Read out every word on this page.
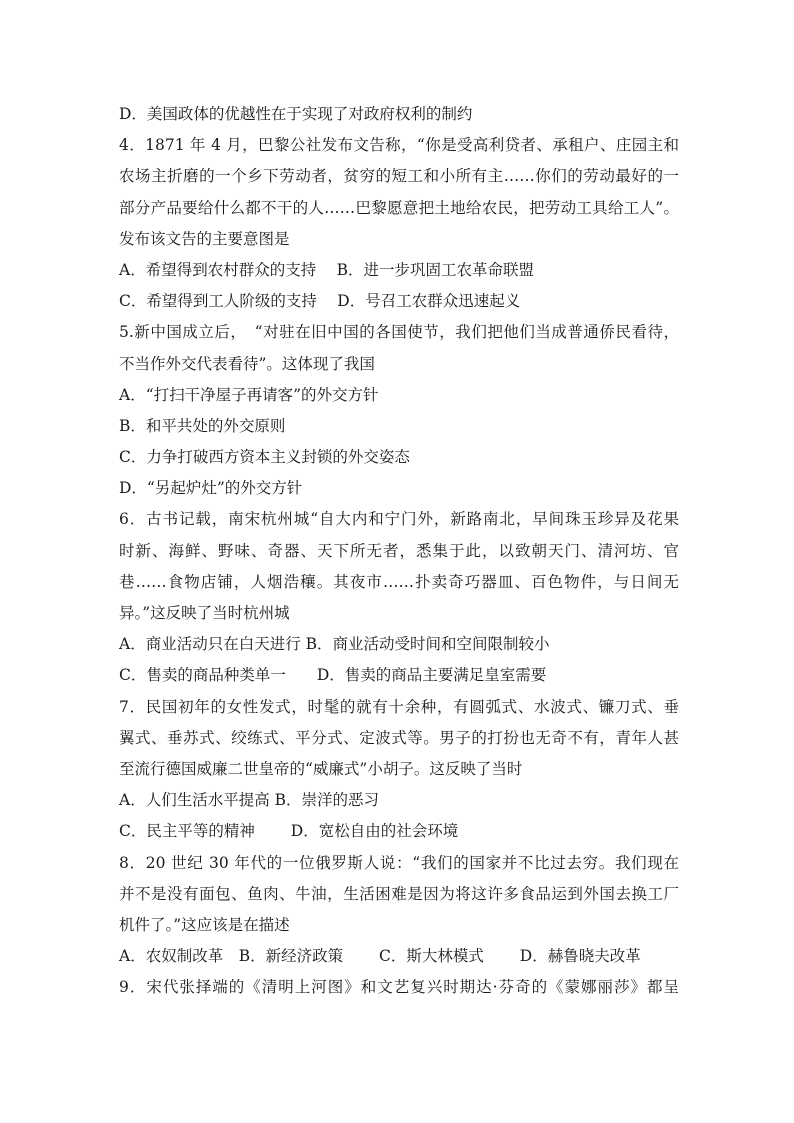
D．美国政体的优越性在于实现了对政府权利的制约
4．1871 年 4 月，巴黎公社发布文告称，“你是受高利贷者、承租户、庄园主和
农场主折磨的一个乡下劳动者，贫穷的短工和小所有主……你们的劳动最好的一
部分产品要给什么都不干的人……巴黎愿意把土地给农民，把劳动工具给工人”。
发布该文告的主要意图是
A．希望得到农村群众的支持　 B．进一步巩固工农革命联盟
C．希望得到工人阶级的支持　 D．号召工农群众迅速起义
5.新中国成立后，　“对驻在旧中国的各国使节，我们把他们当成普通侨民看待，
不当作外交代表看待”。这体现了我国
A．“打扫干净屋子再请客”的外交方针
B．和平共处的外交原则
C．力争打破西方资本主义封锁的外交姿态
D．“另起炉灶”的外交方针
6．古书记载，南宋杭州城“自大内和宁门外，新路南北，早间珠玉珍异及花果
时新、海鲜、野味、奇器、天下所无者，悉集于此，以致朝天门、清河坊、官
巷……食物店铺，人烟浩穰。其夜市……扑卖奇巧器皿、百色物件，与日间无
异。”这反映了当时杭州城
A．商业活动只在白天进行 B．商业活动受时间和空间限制较小
C．售卖的商品种类单一　　D．售卖的商品主要满足皇室需要
7．民国初年的女性发式，时髦的就有十余种，有圆弧式、水波式、镰刀式、垂
翼式、垂苏式、绞练式、平分式、定波式等。男子的打扮也无奇不有，青年人甚
至流行德国威廉二世皇帝的“威廉式”小胡子。这反映了当时
A．人们生活水平提高 B．崇洋的恶习
C．民主平等的精神　　 D．宽松自由的社会环境
8．20 世纪 30 年代的一位俄罗斯人说：“我们的国家并不比过去穷。我们现在
并不是没有面包、鱼肉、牛油，生活困难是因为将这许多食品运到外国去换工厂
机件了。”这应该是在描述
A．农奴制改革　B．新经济政策　　 C．斯大林模式　　 D．赫鲁晓夫改革
9．宋代张择端的《清明上河图》和文艺复兴时期达·芬奇的《蒙娜丽莎》都呈
